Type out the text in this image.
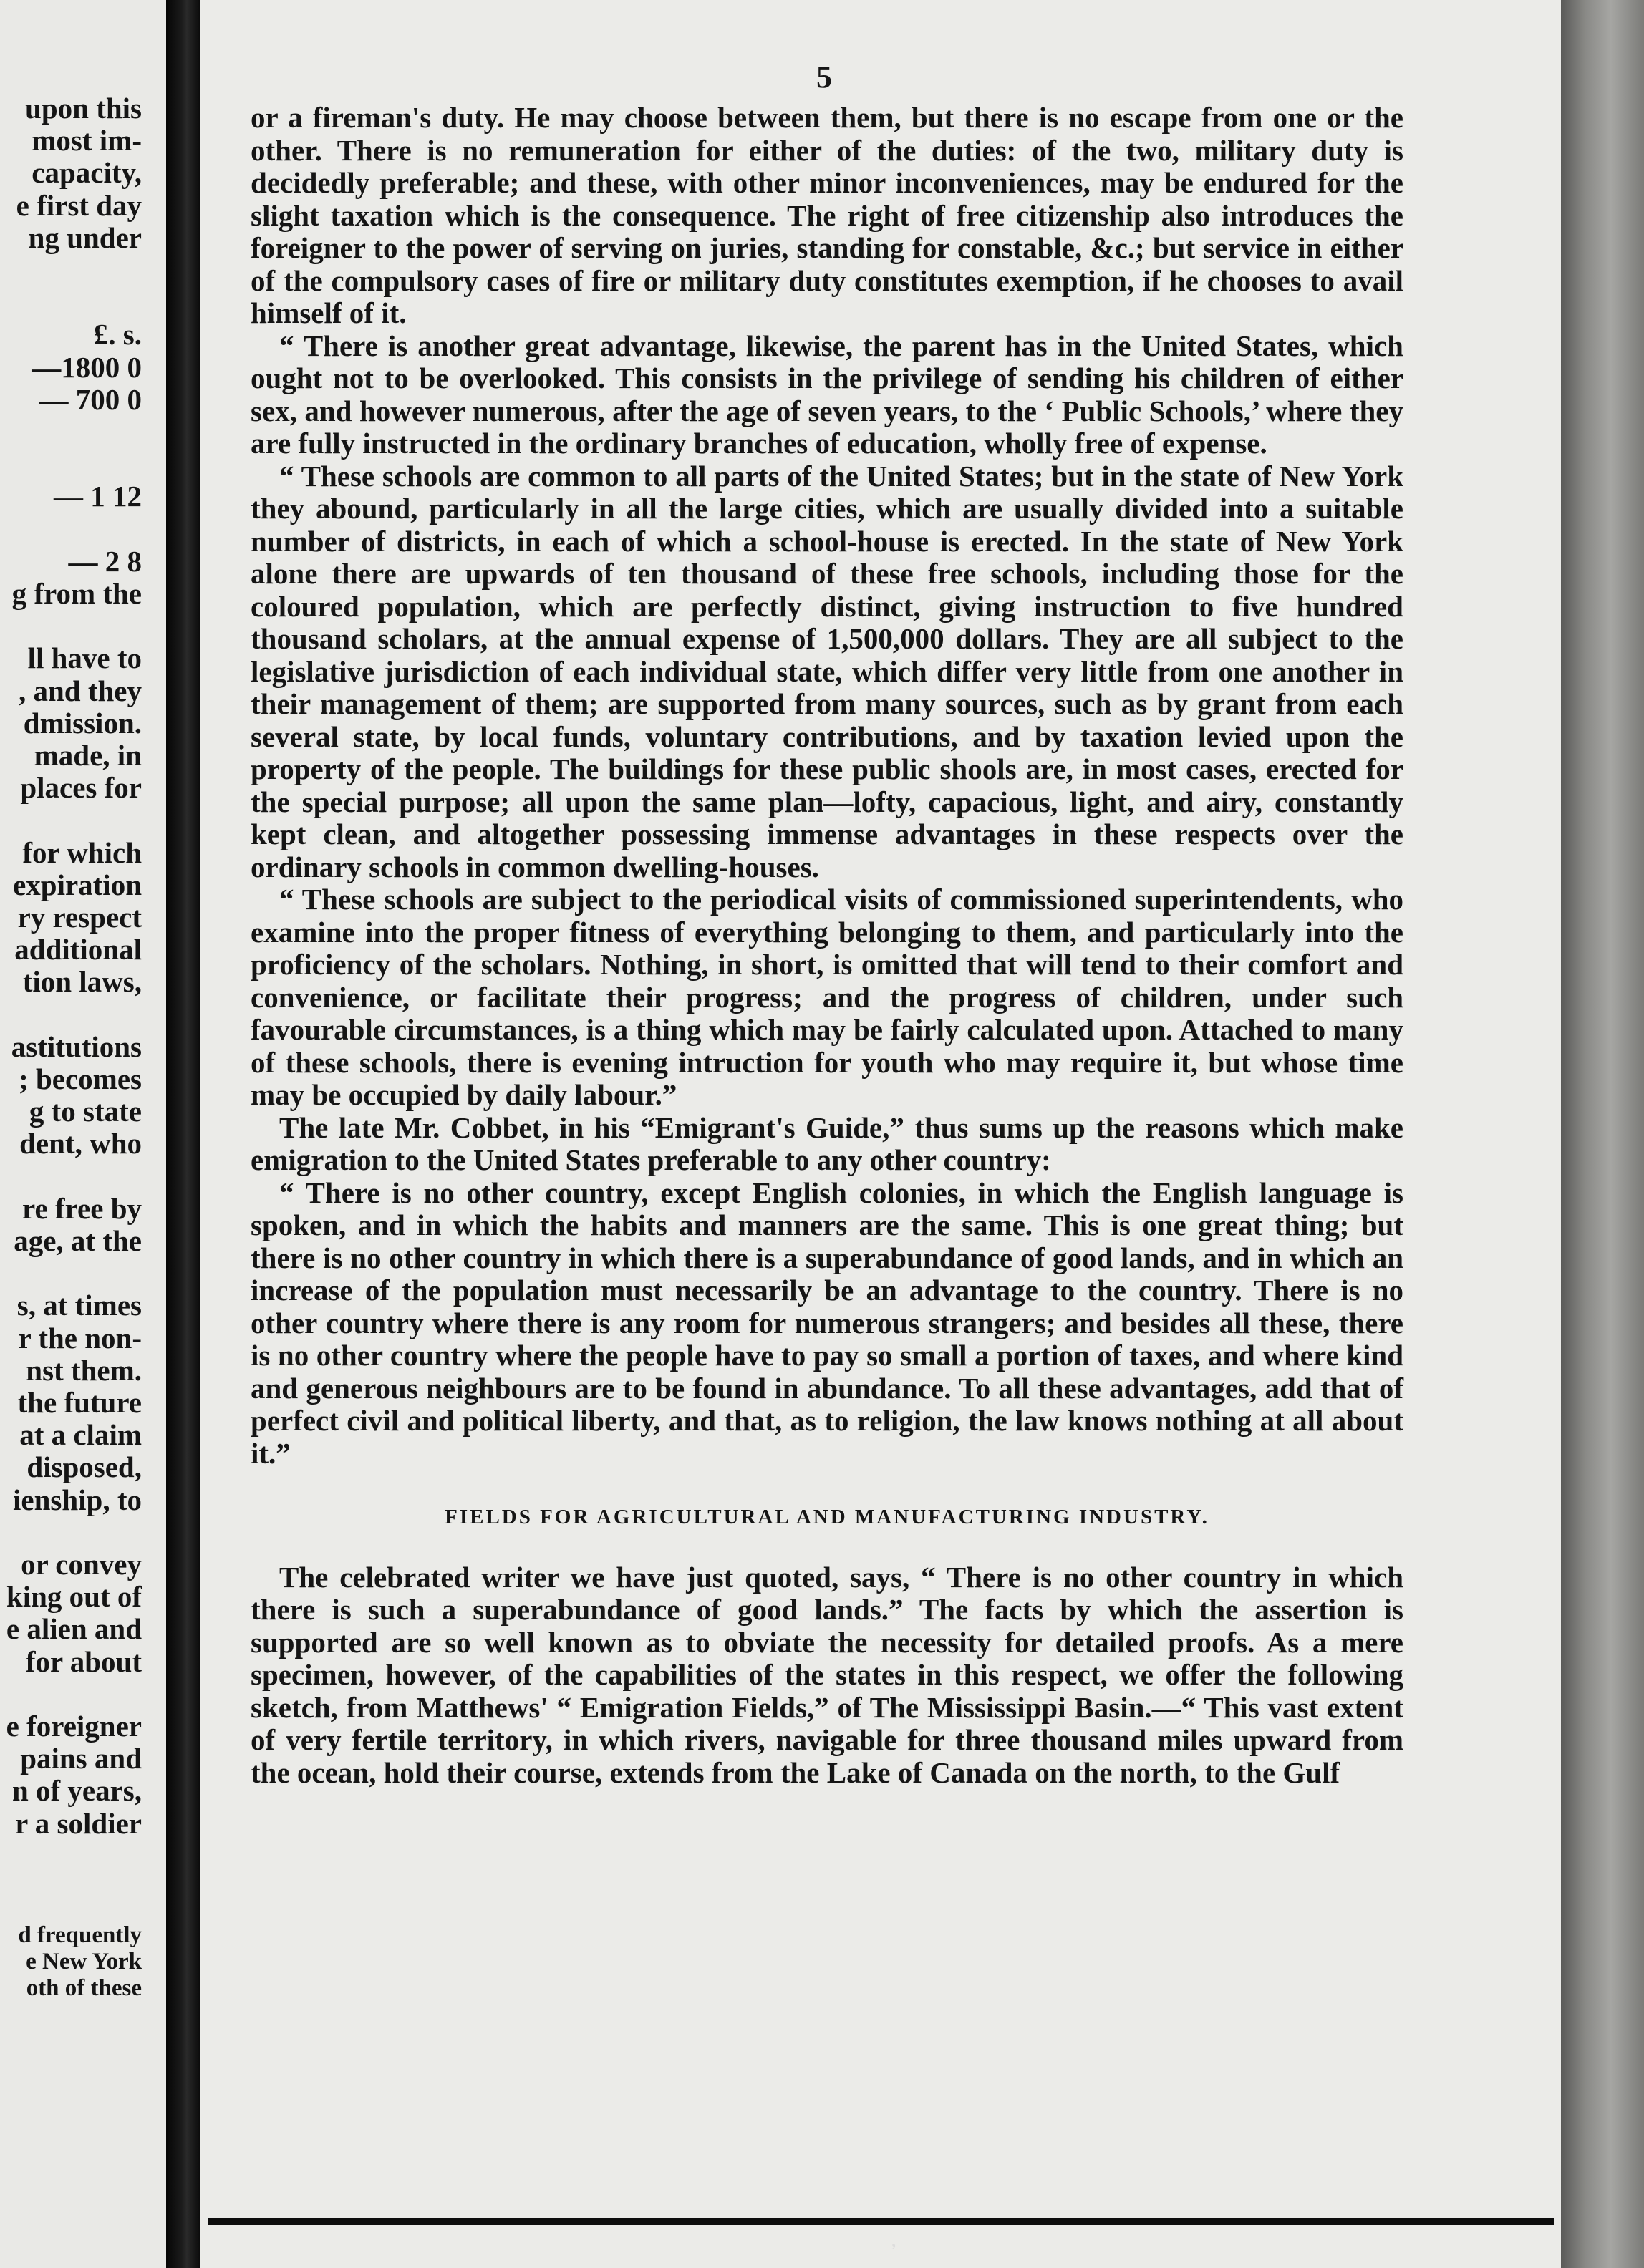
upon this
most im-
capacity,
e first day
ng under
£. s.
—1800 0
— 700 0
— 1 12
— 2 8
g from the
ll have to
, and they
dmission.
made, in
places for
for which
expiration
ry respect
additional
tion laws,
astitutions
; becomes
g to state
dent, who
re free by
age, at the
s, at times
r the non-
nst them.
the future
at a claim
disposed,
ienship, to
or convey
king out of
e alien and
for about
e foreigner
pains and
n of years,
r a soldier
d frequently
e New York
oth of these
5

or a fireman's duty. He may choose between them, but there is no escape from one or the other. There is no remuneration for either of the duties: of the two, military duty is decidedly preferable; and these, with other minor inconveniences, may be endured for the slight taxation which is the consequence. The right of free citizenship also introduces the foreigner to the power of serving on juries, standing for constable, &c.; but service in either of the compulsory cases of fire or military duty constitutes exemption, if he chooses to avail himself of it.

“ There is another great advantage, likewise, the parent has in the United States, which ought not to be overlooked. This consists in the privilege of sending his children of either sex, and however numerous, after the age of seven years, to the ‘ Public Schools,’ where they are fully instructed in the ordinary branches of education, wholly free of expense.

“ These schools are common to all parts of the United States; but in the state of New York they abound, particularly in all the large cities, which are usually divided into a suitable number of districts, in each of which a school-house is erected. In the state of New York alone there are upwards of ten thousand of these free schools, including those for the coloured population, which are perfectly distinct, giving instruction to five hundred thousand scholars, at the annual expense of 1,500,000 dollars. They are all subject to the legislative jurisdiction of each individual state, which differ very little from one another in their management of them; are supported from many sources, such as by grant from each several state, by local funds, voluntary contributions, and by taxation levied upon the property of the people. The buildings for these public shools are, in most cases, erected for the special purpose; all upon the same plan—lofty, capacious, light, and airy, constantly kept clean, and altogether possessing immense advantages in these respects over the ordinary schools in common dwelling-houses.

“ These schools are subject to the periodical visits of commissioned superintendents, who examine into the proper fitness of everything belonging to them, and particularly into the proficiency of the scholars. Nothing, in short, is omitted that will tend to their comfort and convenience, or facilitate their progress; and the progress of children, under such favourable circumstances, is a thing which may be fairly calculated upon. Attached to many of these schools, there is evening intruction for youth who may require it, but whose time may be occupied by daily labour.”

The late Mr. Cobbet, in his “Emigrant's Guide,” thus sums up the reasons which make emigration to the United States preferable to any other country:

“ There is no other country, except English colonies, in which the English language is spoken, and in which the habits and manners are the same. This is one great thing; but there is no other country in which there is a superabundance of good lands, and in which an increase of the population must necessarily be an advantage to the country. There is no other country where there is any room for numerous strangers; and besides all these, there is no other country where the people have to pay so small a portion of taxes, and where kind and generous neighbours are to be found in abundance. To all these advantages, add that of perfect civil and political liberty, and that, as to religion, the law knows nothing at all about it.”

FIELDS FOR AGRICULTURAL AND MANUFACTURING INDUSTRY.

The celebrated writer we have just quoted, says, “ There is no other country in which there is such a superabundance of good lands.” The facts by which the assertion is supported are so well known as to obviate the necessity for detailed proofs. As a mere specimen, however, of the capabilities of the states in this respect, we offer the following sketch, from Matthews' “ Emigration Fields,” of The Mississippi Basin.—“ This vast extent of very fertile territory, in which rivers, navigable for three thousand miles upward from the ocean, hold their course, extends from the Lake of Canada on the north, to the Gulf

’
